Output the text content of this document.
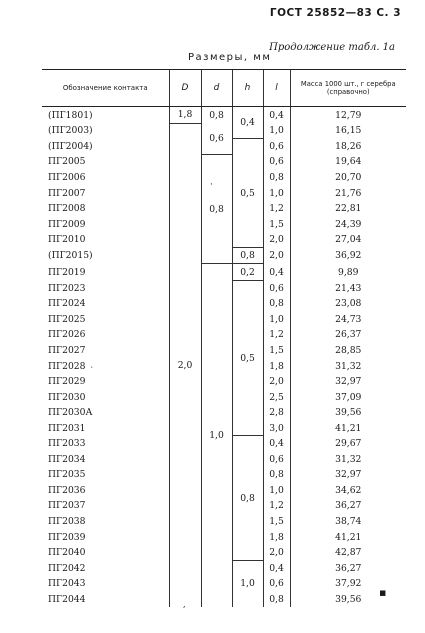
ГОСТ 25852—83 С. 3
Продолжение табл. 1а
Размеры, мм
Обозначение контакта	D	d	h	l	Масса 1000 шт., г серебра
(справочно)
(ПГ1801)	1,8	0,8	0,4	0,4	12,79
(ПГ2003)	2,0	0,6		1,0	16,15
(ПГ2004)			0,5	0,6	18,26
ПГ2005		0,8		0,6	19,64
ПГ2006				0,8	20,70
ПГ2007				1,0	21,76
ПГ2008				1,2	22,81
ПГ2009				1,5	24,39
ПГ2010				2,0	27,04
(ПГ2015)			0,8	2,0	36,92
ПГ2019		1,0	0,2	0,4	9,89
ПГ2023			0,5	0,6	21,43
ПГ2024				0,8	23,08
ПГ2025				1,0	24,73
ПГ2026				1,2	26,37
ПГ2027				1,5	28,85
ПГ2028				1,8	31,32
ПГ2029				2,0	32,97
ПГ2030				2,5	37,09
ПГ2030А				2,8	39,56
ПГ2031				3,0	41,21
ПГ2033			0,8	0,4	29,67
ПГ2034				0,6	31,32
ПГ2035				0,8	32,97
ПГ2036				1,0	34,62
ПГ2037				1,2	36,27
ПГ2038				1,5	38,74
ПГ2039				1,8	41,21
ПГ2040				2,0	42,87
ПГ2042			1,0	0,4	36,27
ПГ2043				0,6	37,92
ПГ2044				0,8	39,56
·
`
,
▪
